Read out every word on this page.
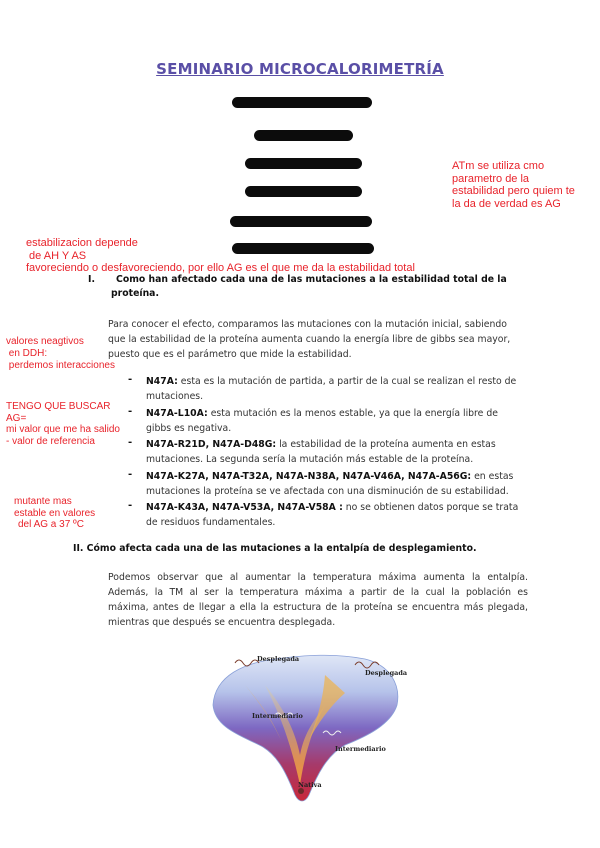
SEMINARIO MICROCALORIMETRÍA
ATm se utiliza cmo
parametro de la
estabilidad pero quiem te
la da de verdad es AG
estabilizacion depende
de AH Y AS
favoreciendo o desfavoreciendo, por ello AG es el que me da la estabilidad total
I.	Como han afectado cada una de las mutaciones a la estabilidad total de la
proteína.
Para conocer el efecto, comparamos las mutaciones con la mutación inicial, sabiendo
que la estabilidad de la proteína aumenta cuando la energía libre de gibbs sea mayor,
puesto que es el parámetro que mide la estabilidad.
valores neagtivos
en DDH:
perdemos interacciones
TENGO QUE BUSCAR
AG=
mi valor que me ha salido
- valor de referencia
mutante mas
estable en valores
del AG a 37 ºC
-	N47A: esta es la mutación de partida, a partir de la cual se realizan el resto de
mutaciones.
-	N47A-L10A: esta mutación es la menos estable, ya que la energía libre de
gibbs es negativa.
-	N47A-R21D, N47A-D48G: la estabilidad de la proteína aumenta en estas
mutaciones. La segunda sería la mutación más estable de la proteína.
-	N47A-K27A, N47A-T32A, N47A-N38A, N47A-V46A, N47A-A56G: en estas
mutaciones la proteína se ve afectada con una disminución de su estabilidad.
-	N47A-K43A, N47A-V53A, N47A-V58A : no se obtienen datos porque se trata
de residuos fundamentales.
II. Cómo afecta cada una de las mutaciones a la entalpía de desplegamiento.
Podemos observar que al aumentar la temperatura máxima aumenta la entalpía.
Además, la TM al ser la temperatura máxima a partir de la cual la población es
máxima, antes de llegar a ella la estructura de la proteína se encuentra más plegada,
mientras que después se encuentra desplegada.
Desplegada
Desplegada
Intermediario
Intermediario
Nativa
